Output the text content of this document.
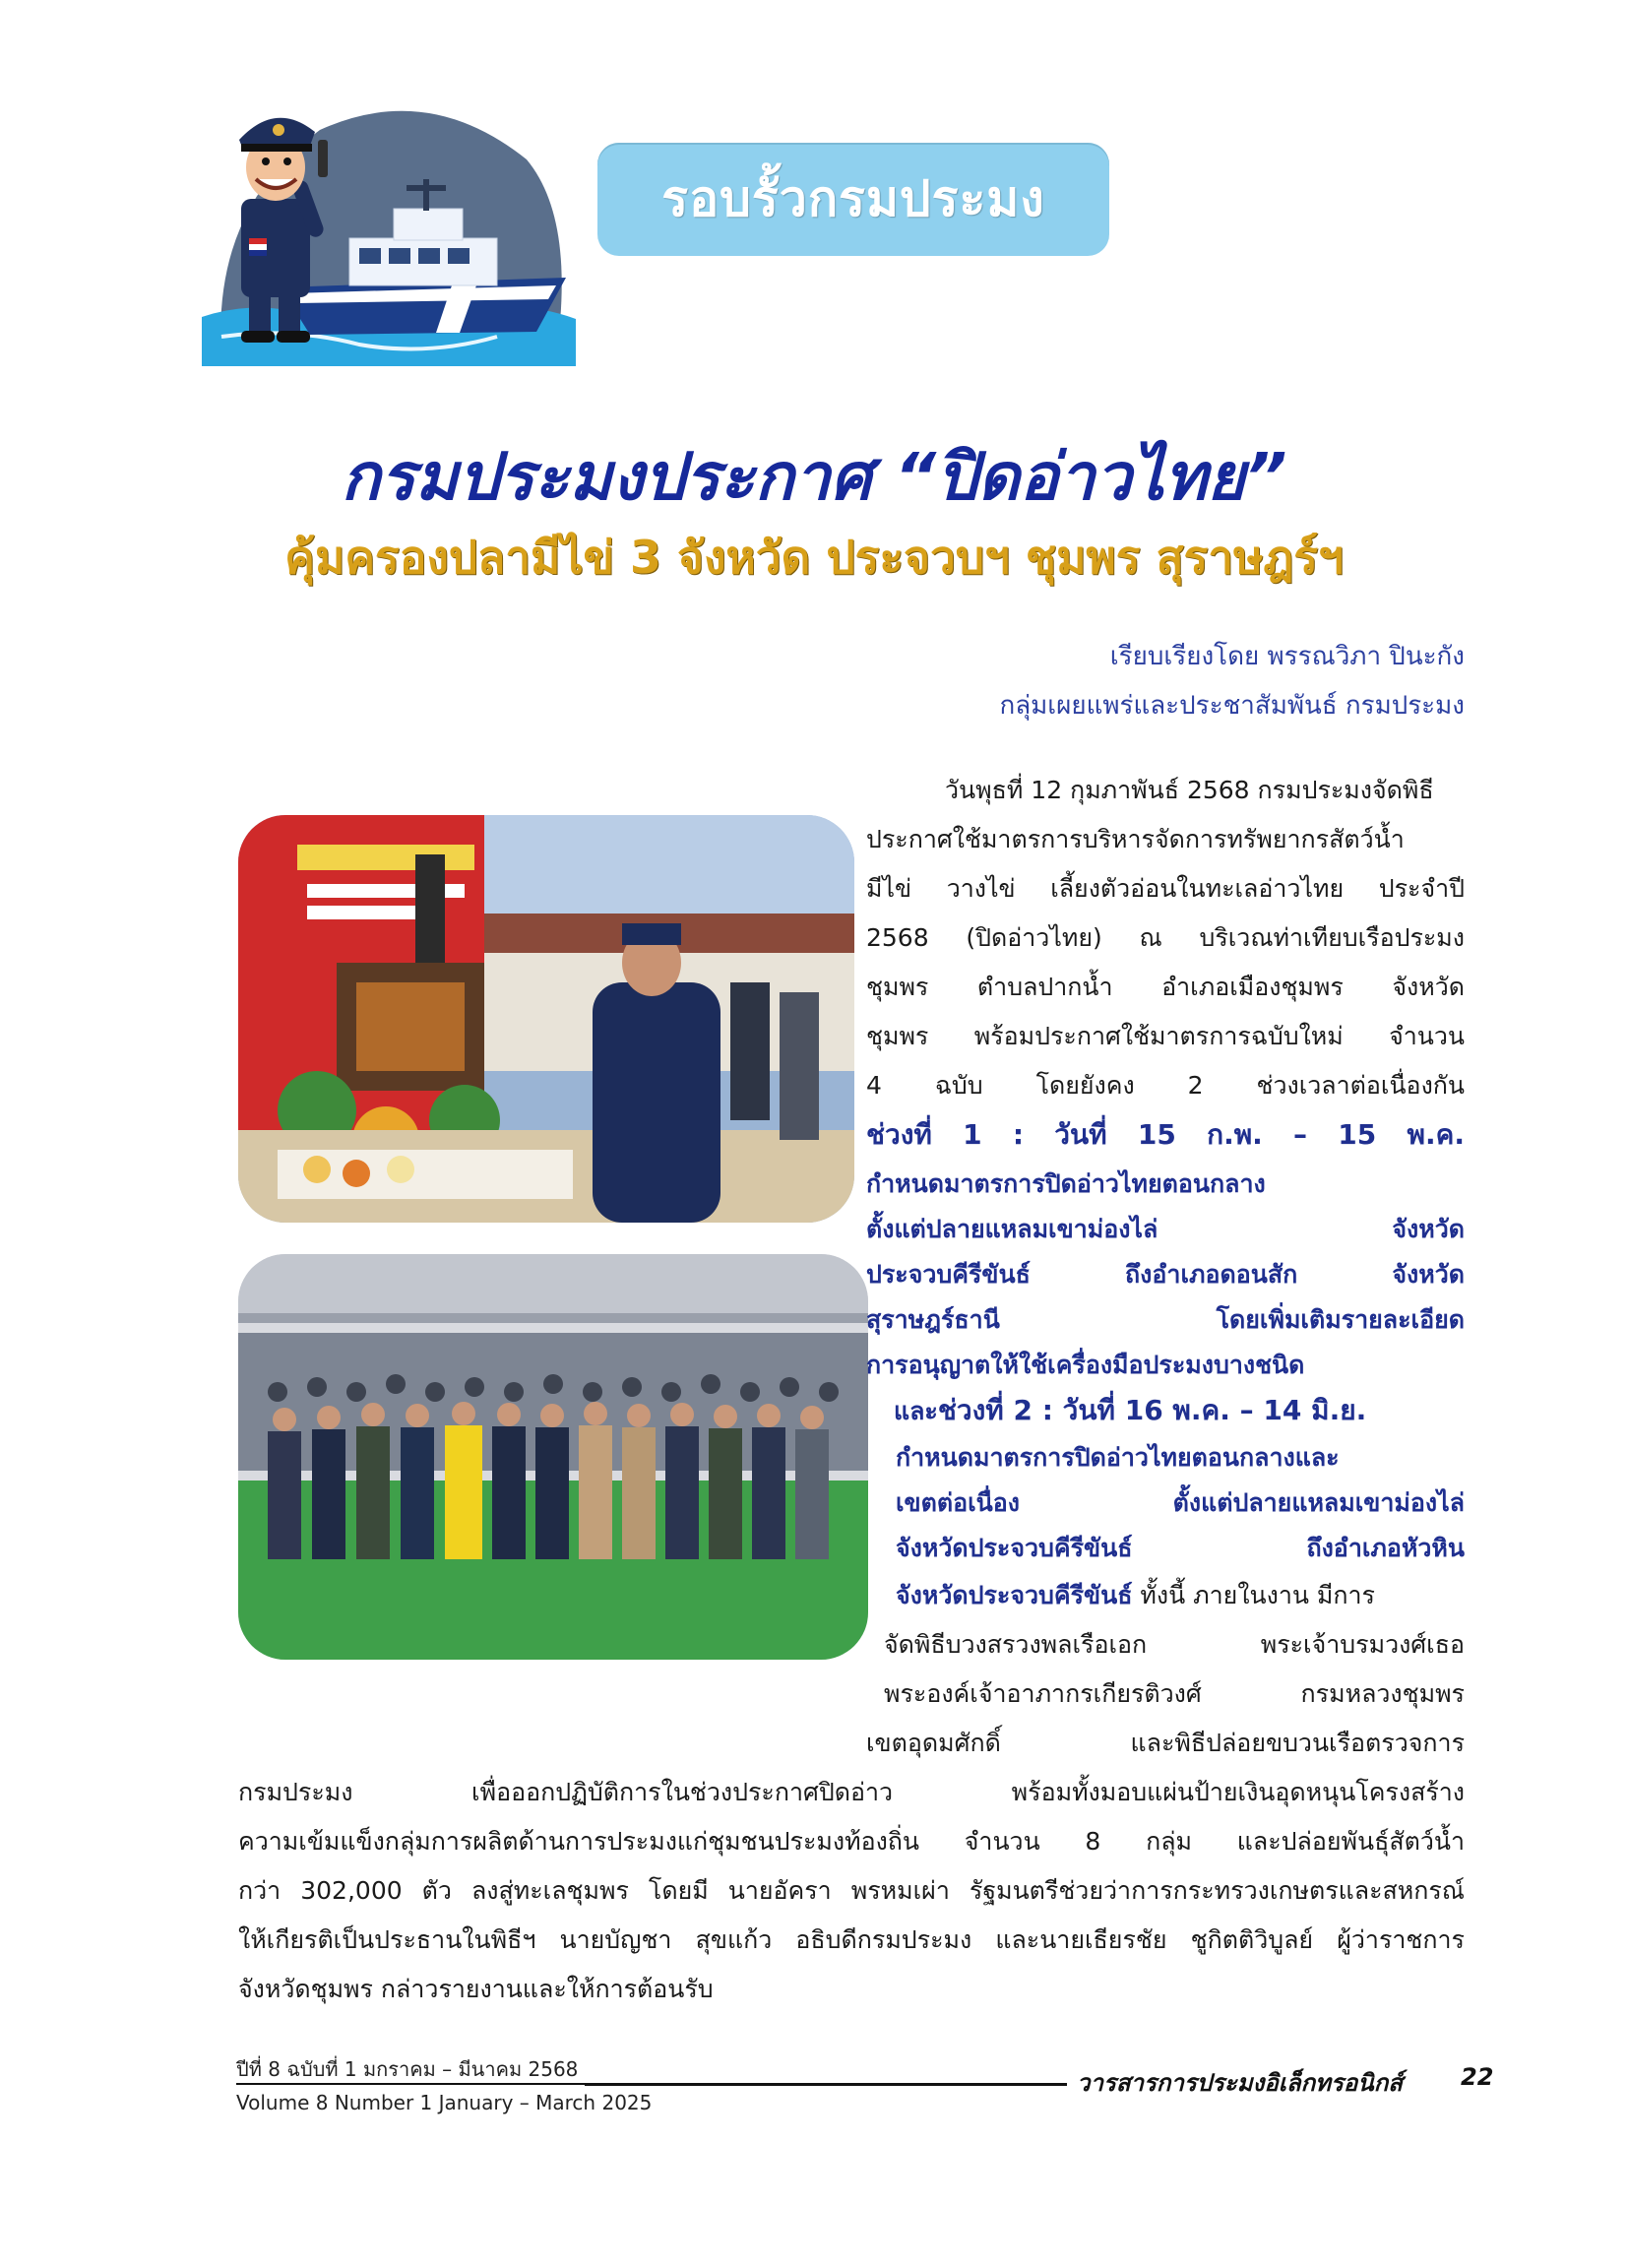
รอบรั้วกรมประมง
กรมประมงประกาศ “ปิดอ่าวไทย”
คุ้มครองปลามีไข่ 3 จังหวัด ประจวบฯ ชุมพร สุราษฎร์ฯ
เรียบเรียงโดย พรรณวิภา ปินะกัง
กลุ่มเผยแพร่และประชาสัมพันธ์ กรมประมง
วันพุธที่ 12 กุมภาพันธ์ 2568 กรมประมงจัดพิธี
ประกาศใช้มาตรการบริหารจัดการทรัพยากรสัตว์น้ำ
มีไข่ วางไข่ เลี้ยงตัวอ่อนในทะเลอ่าวไทย ประจำปี
2568 (ปิดอ่าวไทย) ณ บริเวณท่าเทียบเรือประมง
ชุมพร ตำบลปากน้ำ อำเภอเมืองชุมพร จังหวัด
ชุมพร พร้อมประกาศใช้มาตรการฉบับใหม่ จำนวน
4 ฉบับ โดยยังคง 2 ช่วงเวลาต่อเนื่องกัน
ช่วงที่ 1 : วันที่ 15 ก.พ. – 15 พ.ค.
กำหนดมาตรการปิดอ่าวไทยตอนกลาง
ตั้งแต่ปลายแหลมเขาม่องไล่ จังหวัด
ประจวบคีรีขันธ์ ถึงอำเภอดอนสัก จังหวัด
สุราษฎร์ธานี โดยเพิ่มเติมรายละเอียด
การอนุญาตให้ใช้เครื่องมือประมงบางชนิด
และช่วงที่ 2 : วันที่ 16 พ.ค. – 14 มิ.ย.
กำหนดมาตรการปิดอ่าวไทยตอนกลางและ
เขตต่อเนื่อง ตั้งแต่ปลายแหลมเขาม่องไล่
จังหวัดประจวบคีรีขันธ์ ถึงอำเภอหัวหิน
จังหวัดประจวบคีรีขันธ์ ทั้งนี้ ภายในงาน มีการ
จัดพิธีบวงสรวงพลเรือเอก พระเจ้าบรมวงศ์เธอ
พระองค์เจ้าอาภากรเกียรติวงศ์ กรมหลวงชุมพร
เขตอุดมศักดิ์ และพิธีปล่อยขบวนเรือตรวจการ
กรมประมง เพื่อออกปฏิบัติการในช่วงประกาศปิดอ่าว พร้อมทั้งมอบแผ่นป้ายเงินอุดหนุนโครงสร้าง
ความเข้มแข็งกลุ่มการผลิตด้านการประมงแก่ชุมชนประมงท้องถิ่น จำนวน 8 กลุ่ม และปล่อยพันธุ์สัตว์น้ำ
กว่า 302,000 ตัว ลงสู่ทะเลชุมพร โดยมี นายอัครา พรหมเผ่า รัฐมนตรีช่วยว่าการกระทรวงเกษตรและสหกรณ์
ให้เกียรติเป็นประธานในพิธีฯ นายบัญชา สุขแก้ว อธิบดีกรมประมง และนายเธียรชัย ชูกิตติวิบูลย์ ผู้ว่าราชการ
จังหวัดชุมพร กล่าวรายงานและให้การต้อนรับ
ปีที่ 8 ฉบับที่ 1 มกราคม – มีนาคม 2568
Volume 8 Number 1 January – March 2025
วารสารการประมงอิเล็กทรอนิกส์ 22
